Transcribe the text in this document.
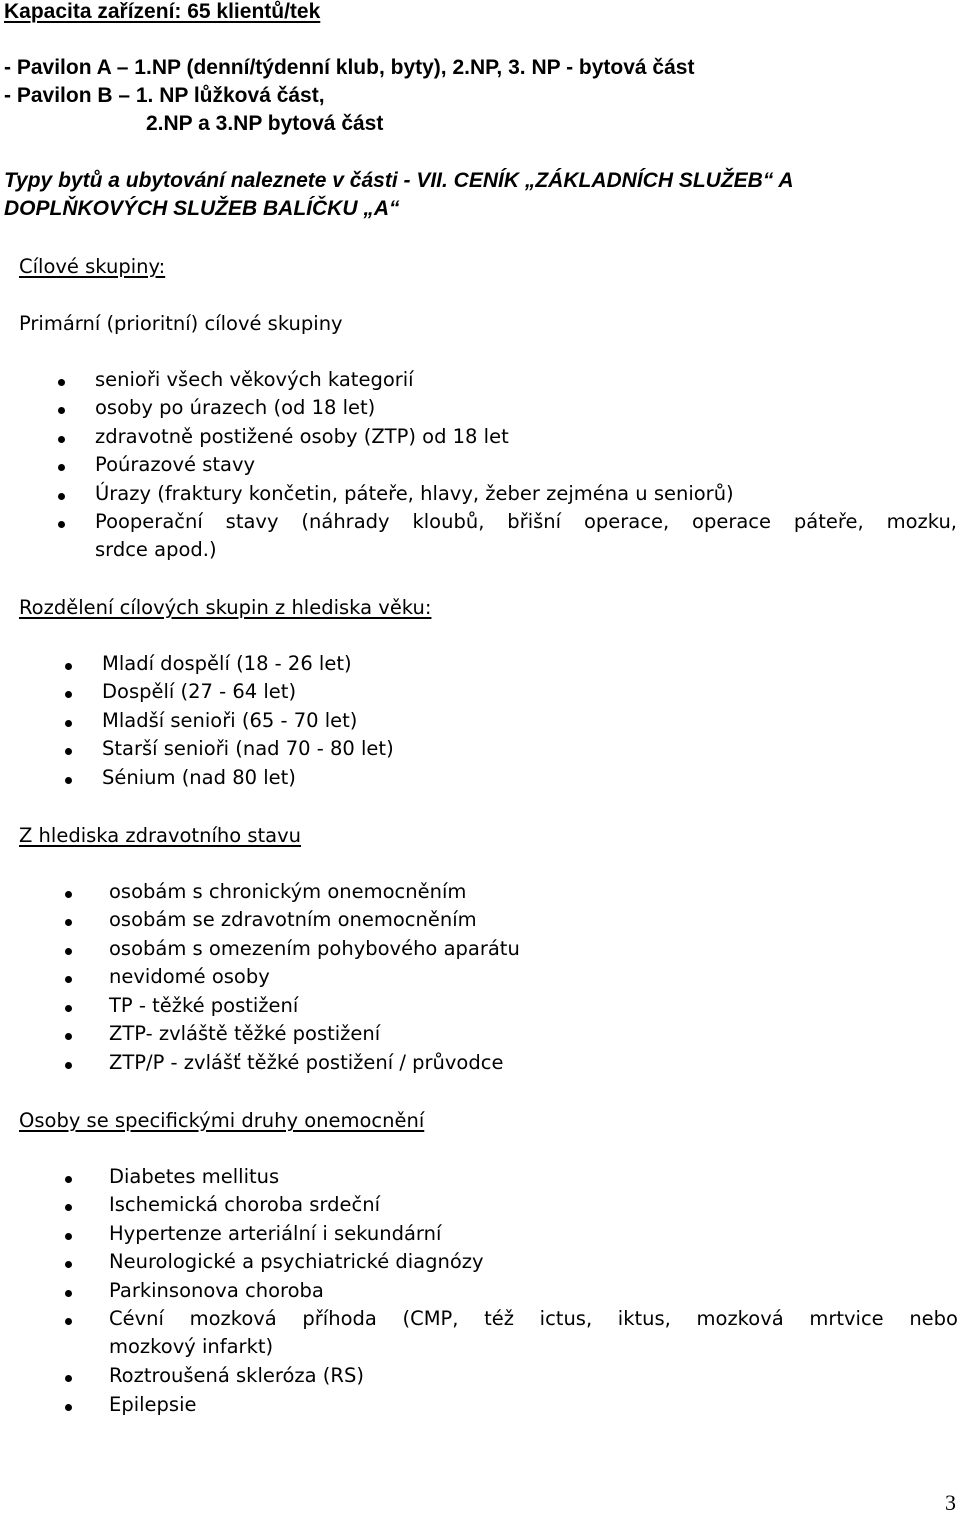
Kapacita zařízení: 65 klientů/tek
- Pavilon A – 1.NP (denní/týdenní klub, byty), 2.NP, 3. NP - bytová část
- Pavilon B – 1. NP lůžková část,
2.NP a 3.NP bytová část
Typy bytů a ubytování naleznete v části - VII. CENÍK „ZÁKLADNÍCH SLUŽEB“ A
DOPLŇKOVÝCH SLUŽEB BALÍČKU „A“
Cílové skupiny:
Primární (prioritní) cílové skupiny
senioři všech věkových kategorií
osoby po úrazech (od 18 let)
zdravotně postižené osoby (ZTP) od 18 let
Poúrazové stavy
Úrazy (fraktury končetin, páteře, hlavy, žeber zejména u seniorů)
Pooperační stavy (náhrady kloubů, břišní operace, operace páteře, mozku,
srdce apod.)
Rozdělení cílových skupin z hlediska věku:
Mladí dospělí (18 - 26 let)
Dospělí (27 - 64 let)
Mladší senioři (65 - 70 let)
Starší senioři (nad 70 - 80 let)
Sénium (nad 80 let)
Z hlediska zdravotního stavu
osobám s chronickým onemocněním
osobám se zdravotním onemocněním
osobám s omezením pohybového aparátu
nevidomé osoby
TP - těžké postižení
ZTP- zvláště těžké postižení
ZTP/P - zvlášť těžké postižení / průvodce
Osoby se specifickými druhy onemocnění
Diabetes mellitus
Ischemická choroba srdeční
Hypertenze arteriální i sekundární
Neurologické a psychiatrické diagnózy
Parkinsonova choroba
Cévní mozková příhoda (CMP, též ictus, iktus, mozková mrtvice nebo
mozkový infarkt)
Roztroušená skleróza (RS)
Epilepsie
3
